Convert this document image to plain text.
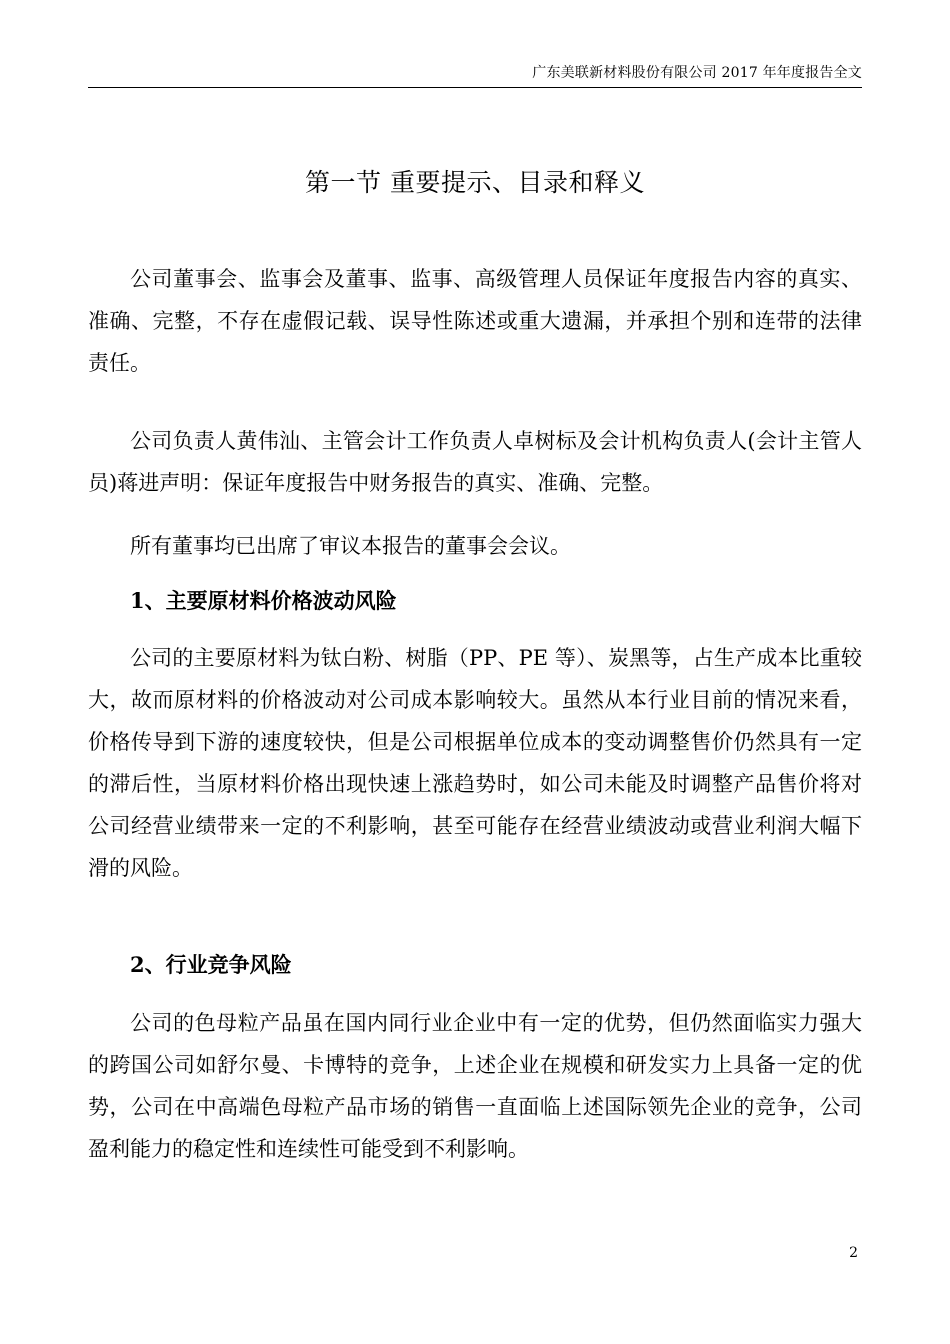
广东美联新材料股份有限公司 2017 年年度报告全文
第一节 重要提示、目录和释义

公司董事会、监事会及董事、监事、高级管理人员保证年度报告内容的真实、准确、完整，不存在虚假记载、误导性陈述或重大遗漏，并承担个别和连带的法律责任。

公司负责人黄伟汕、主管会计工作负责人卓树标及会计机构负责人(会计主管人员)蒋进声明：保证年度报告中财务报告的真实、准确、完整。

所有董事均已出席了审议本报告的董事会会议。

1、主要原材料价格波动风险

公司的主要原材料为钛白粉、树脂（PP、PE 等）、炭黑等，占生产成本比重较大，故而原材料的价格波动对公司成本影响较大。虽然从本行业目前的情况来看，价格传导到下游的速度较快，但是公司根据单位成本的变动调整售价仍然具有一定的滞后性，当原材料价格出现快速上涨趋势时，如公司未能及时调整产品售价将对公司经营业绩带来一定的不利影响，甚至可能存在经营业绩波动或营业利润大幅下滑的风险。

2、行业竞争风险

公司的色母粒产品虽在国内同行业企业中有一定的优势，但仍然面临实力强大的跨国公司如舒尔曼、卡博特的竞争，上述企业在规模和研发实力上具备一定的优势，公司在中高端色母粒产品市场的销售一直面临上述国际领先企业的竞争，公司盈利能力的稳定性和连续性可能受到不利影响。

2
